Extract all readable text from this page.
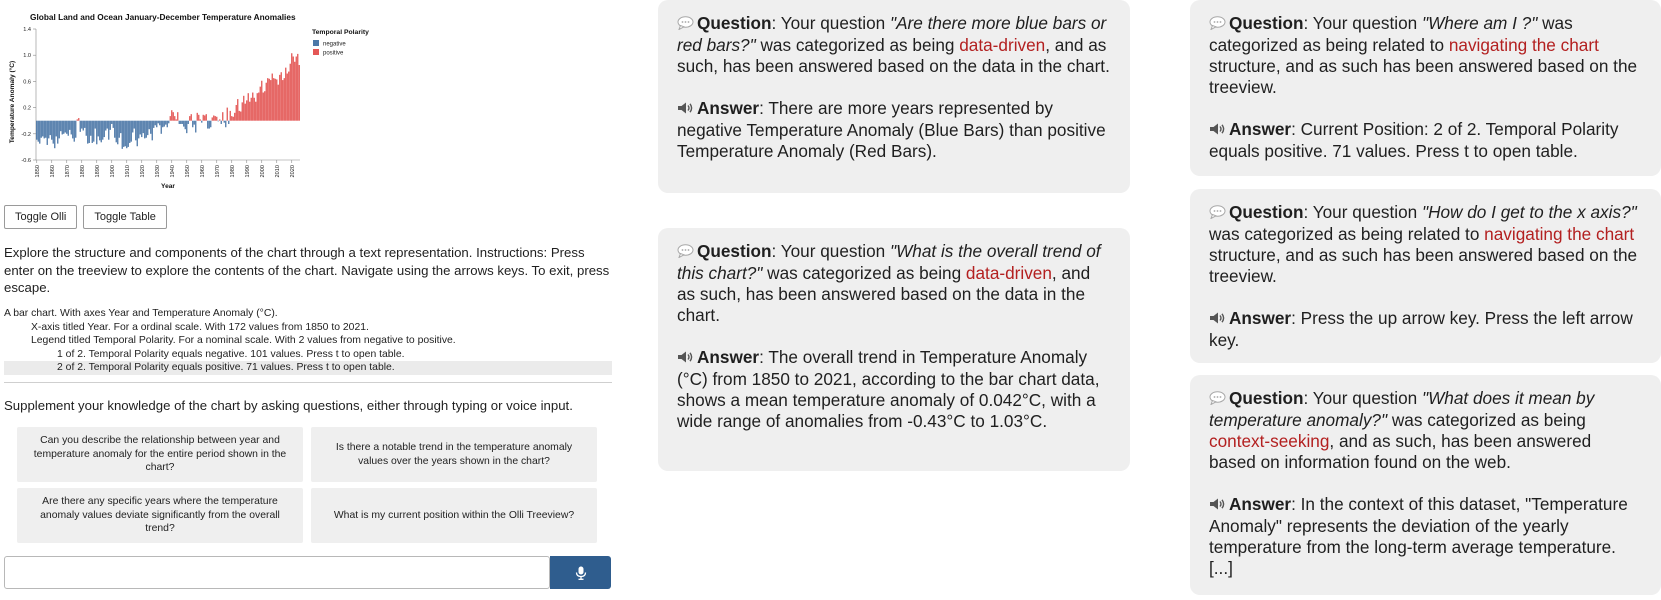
Global Land and Ocean January-December Temperature Anomalies
Temperature Anomaly (°C)
Year
-0.6
-0.2
0.2
0.6
1.0
1.4
1850 1860 1870 1880 1890 1900 1910 1920 1930 1940 1950 1960 1970 1980 1990 2000 2010 2020
Temporal Polarity
negative
positive
Toggle Olli	Toggle Table
Explore the structure and components of the chart through a text representation. Instructions: Press enter on the treeview to explore the contents of the chart. Navigate using the arrows keys. To exit, press escape.
A bar chart. With axes Year and Temperature Anomaly (°C).
X-axis titled Year. For a ordinal scale. With 172 values from 1850 to 2021.
Legend titled Temporal Polarity. For a nominal scale. With 2 values from negative to positive.
1 of 2. Temporal Polarity equals negative. 101 values. Press t to open table.
2 of 2. Temporal Polarity equals positive. 71 values. Press t to open table.
Supplement your knowledge of the chart by asking questions, either through typing or voice input.
Can you describe the relationship between year and temperature anomaly for the entire period shown in the chart?
Is there a notable trend in the temperature anomaly values over the years shown in the chart?
Are there any specific years where the temperature anomaly values deviate significantly from the overall trend?
What is my current position within the Olli Treeview?

Question: Your question "Are there more blue bars or red bars?" was categorized as being data-driven, and as such, has been answered based on the data in the chart.

Answer: There are more years represented by negative Temperature Anomaly (Blue Bars) than positive Temperature Anomaly (Red Bars).

Question: Your question "What is the overall trend of this chart?" was categorized as being data-driven, and as such, has been answered based on the data in the chart.

Answer: The overall trend in Temperature Anomaly (°C) from 1850 to 2021, according to the bar chart data, shows a mean temperature anomaly of 0.042°C, with a wide range of anomalies from -0.43°C to 1.03°C.

Question: Your question "Where am I ?" was categorized as being related to navigating the chart structure, and as such has been answered based on the treeview.

Answer: Current Position: 2 of 2. Temporal Polarity equals positive. 71 values. Press t to open table.

Question: Your question "How do I get to the x axis?" was categorized as being related to navigating the chart structure, and as such has been answered based on the treeview.

Answer: Press the up arrow key. Press the left arrow key.

Question: Your question "What does it mean by temperature anomaly?" was categorized as being context-seeking, and as such, has been answered based on information found on the web.

Answer: In the context of this dataset, "Temperature Anomaly" represents the deviation of the yearly temperature from the long-term average temperature. [...]
